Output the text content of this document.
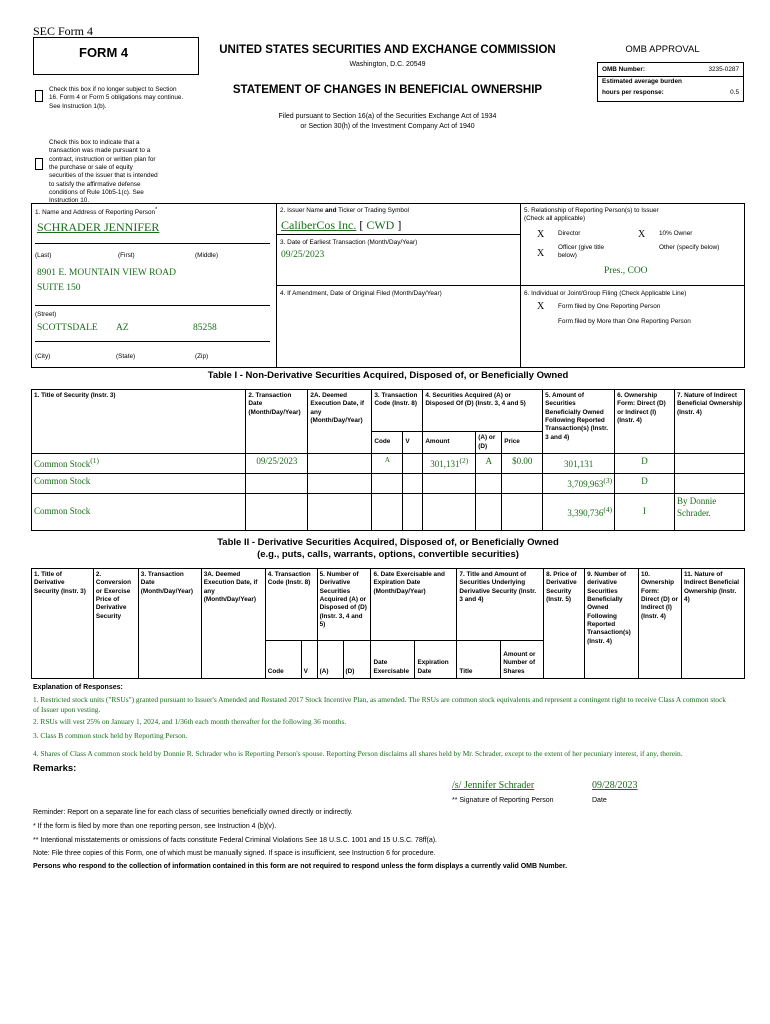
SEC Form 4
FORM 4	UNITED STATES SECURITIES AND EXCHANGE COMMISSION
Washington, D.C. 20549
STATEMENT OF CHANGES IN BENEFICIAL OWNERSHIP
Filed pursuant to Section 16(a) of the Securities Exchange Act of 1934
or Section 30(h) of the Investment Company Act of 1940
Check this box if no longer subject to Section 16. Form 4 or Form 5 obligations may continue. See Instruction 1(b).
Check this box to indicate that a transaction was made pursuant to a contract, instruction or written plan for the purchase or sale of equity securities of the issuer that is intended to satisfy the affirmative defense conditions of Rule 10b5-1(c). See Instruction 10.
OMB APPROVAL
OMB Number:	3235-0287
Estimated average burden
hours per response:	0.5
1. Name and Address of Reporting Person*
SCHRADER JENNIFER
(Last)	(First)	(Middle)
8901 E. MOUNTAIN VIEW ROAD
SUITE 150
(Street)
SCOTTSDALE AZ	85258
(City)	(State)	(Zip)
2. Issuer Name and Ticker or Trading Symbol
CaliberCos Inc. [ CWD ]
3. Date of Earliest Transaction (Month/Day/Year)
09/25/2023
4. If Amendment, Date of Original Filed (Month/Day/Year)
5. Relationship of Reporting Person(s) to Issuer
(Check all applicable)
X Director	X 10% Owner
X
Officer (give title below)
Other (specify below)
Pres., COO
6. Individual or Joint/Group Filing (Check Applicable Line)
X Form filed by One Reporting Person
Form filed by More than One Reporting Person
Table I - Non-Derivative Securities Acquired, Disposed of, or Beneficially Owned
1. Title of Security (Instr. 3)	2. Transaction Date (Month/Day/Year)	2A. Deemed Execution Date, if any (Month/Day/Year)	3. Transaction Code (Instr. 8)		4. Securities Acquired (A) or Disposed Of (D) (Instr. 3, 4 and 5)			5. Amount of Securities Beneficially Owned Following Reported Transaction(s) (Instr. 3 and 4)	6. Ownership Form: Direct (D) or Indirect (I) (Instr. 4)	7. Nature of Indirect Beneficial Ownership (Instr. 4)
			Code	V	Amount	(A) or (D)	Price			
Common Stock$^{(1)}$	09/25/2023		A		301,131$^{(2)}$	A	$0.00	301,131	D	
Common Stock								3,709,963$^{(3)}$	D	
Common Stock								3,390,736$^{(4)}$	I	By Donnie Schrader.
Table II - Derivative Securities Acquired, Disposed of, or Beneficially Owned
(e.g., puts, calls, warrants, options, convertible securities)
1. Title of Derivative Security (Instr. 3)	2. Conversion or Exercise Price of Derivative Security	3. Transaction Date (Month/Day/Year)	3A. Deemed Execution Date, if any (Month/Day/Year)	4. Transaction Code (Instr. 8)		5. Number of Derivative Securities Acquired (A) or Disposed of (D) (Instr. 3, 4 and 5)		6. Date Exercisable and Expiration Date (Month/Day/Year)		7. Title and Amount of Securities Underlying Derivative Security (Instr. 3 and 4)		8. Price of Derivative Security (Instr. 5)	9. Number of derivative Securities Beneficially Owned Following Reported Transaction(s) (Instr. 4)	10. Ownership Form: Direct (D) or Indirect (I) (Instr. 4)	11. Nature of Indirect Beneficial Ownership (Instr. 4)
				Code	V	(A)	(D)	Date Exercisable	Expiration Date	Title	Amount or Number of Shares				
Explanation of Responses:
1. Restricted stock units ("RSUs") granted pursuant to Issuer's Amended and Restated 2017 Stock Incentive Plan, as amended. The RSUs are common stock equivalents and represent a contingent right to receive Class A common stock of Issuer upon vesting.
2. RSUs will vest 25% on January 1, 2024, and 1/36th each month thereafter for the following 36 months.
3. Class B common stock held by Reporting Person.
4. Shares of Class A common stock held by Donnie R. Schrader who is Reporting Person's spouse. Reporting Person disclaims all shares held by Mr. Schrader, except to the extent of her pecuniary interest, if any, therein.
Remarks:
/s/ Jennifer Schrader	09/28/2023
** Signature of Reporting Person	Date
Reminder: Report on a separate line for each class of securities beneficially owned directly or indirectly.
* If the form is filed by more than one reporting person, see Instruction 4 (b)(v).
** Intentional misstatements or omissions of facts constitute Federal Criminal Violations See 18 U.S.C. 1001 and 15 U.S.C. 78ff(a).
Note: File three copies of this Form, one of which must be manually signed. If space is insufficient, see Instruction 6 for procedure.
Persons who respond to the collection of information contained in this form are not required to respond unless the form displays a currently valid OMB Number.
